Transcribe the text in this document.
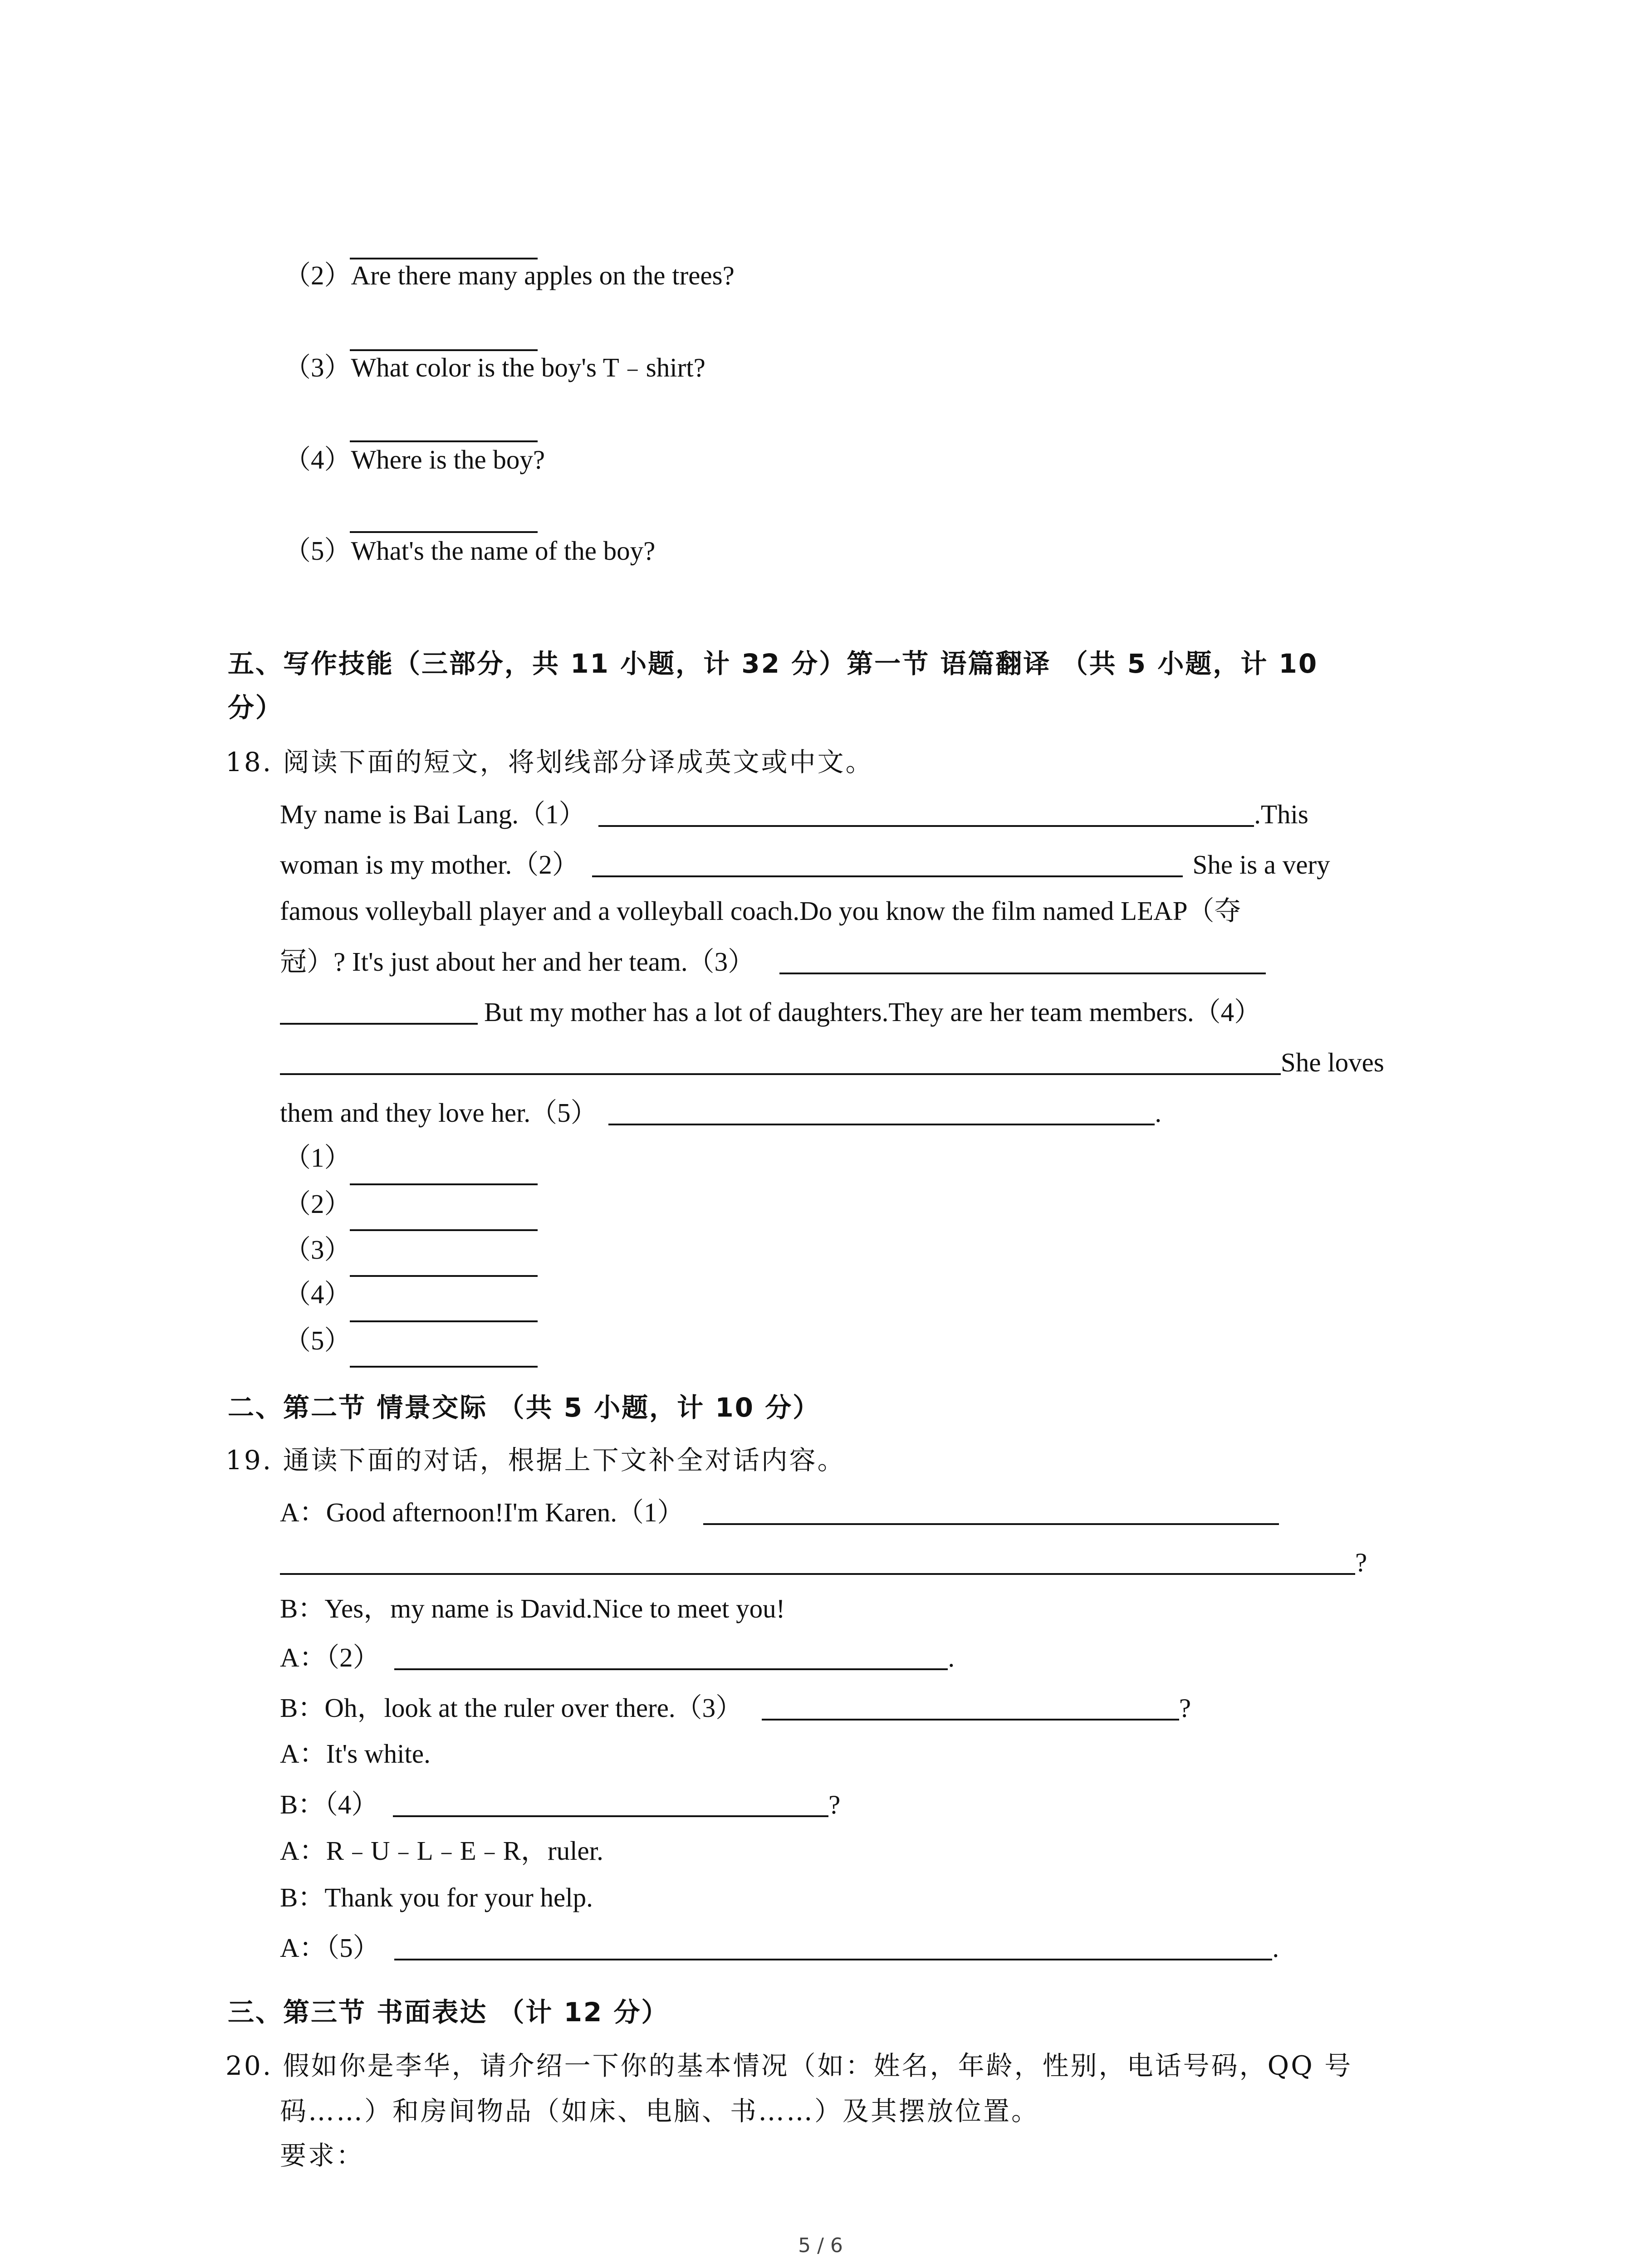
（2）Are there many apples on the trees?
（3）What color is the boy's T﹣shirt?
（4）Where is the boy?
（5）What's the name of the boy?
五、写作技能（三部分，共 11 小题，计 32 分）第一节 语篇翻译 （共 5 小题，计 10
分）
18. 阅读下面的短文，将划线部分译成英文或中文。
My name is Bai Lang.（1）	.This
woman is my mother.（2）	She is a very
famous volleyball player and a volleyball coach.Do you know the film named LEAP（夺
冠）? It's just about her and her team.（3）
But my mother has a lot of daughters.They are her team members.（4）
She loves
them and they love her.（5）	.
（1）
（2）
（3）
（4）
（5）
二、第二节 情景交际 （共 5 小题，计 10 分）
19. 通读下面的对话，根据上下文补全对话内容。
A：Good afternoon!I'm Karen.（1）
?
B：Yes，my name is David.Nice to meet you!
A：（2）	.
B：Oh，look at the ruler over there.（3）	?
A：It's white.
B：（4）	?
A：R﹣U﹣L﹣E﹣R，ruler.
B：Thank you for your help.
A：（5）	.
三、第三节 书面表达 （计 12 分）
20. 假如你是李华，请介绍一下你的基本情况（如：姓名，年龄，性别，电话号码，QQ 号
码……）和房间物品（如床、电脑、书……）及其摆放位置。
要求：
5 / 6
